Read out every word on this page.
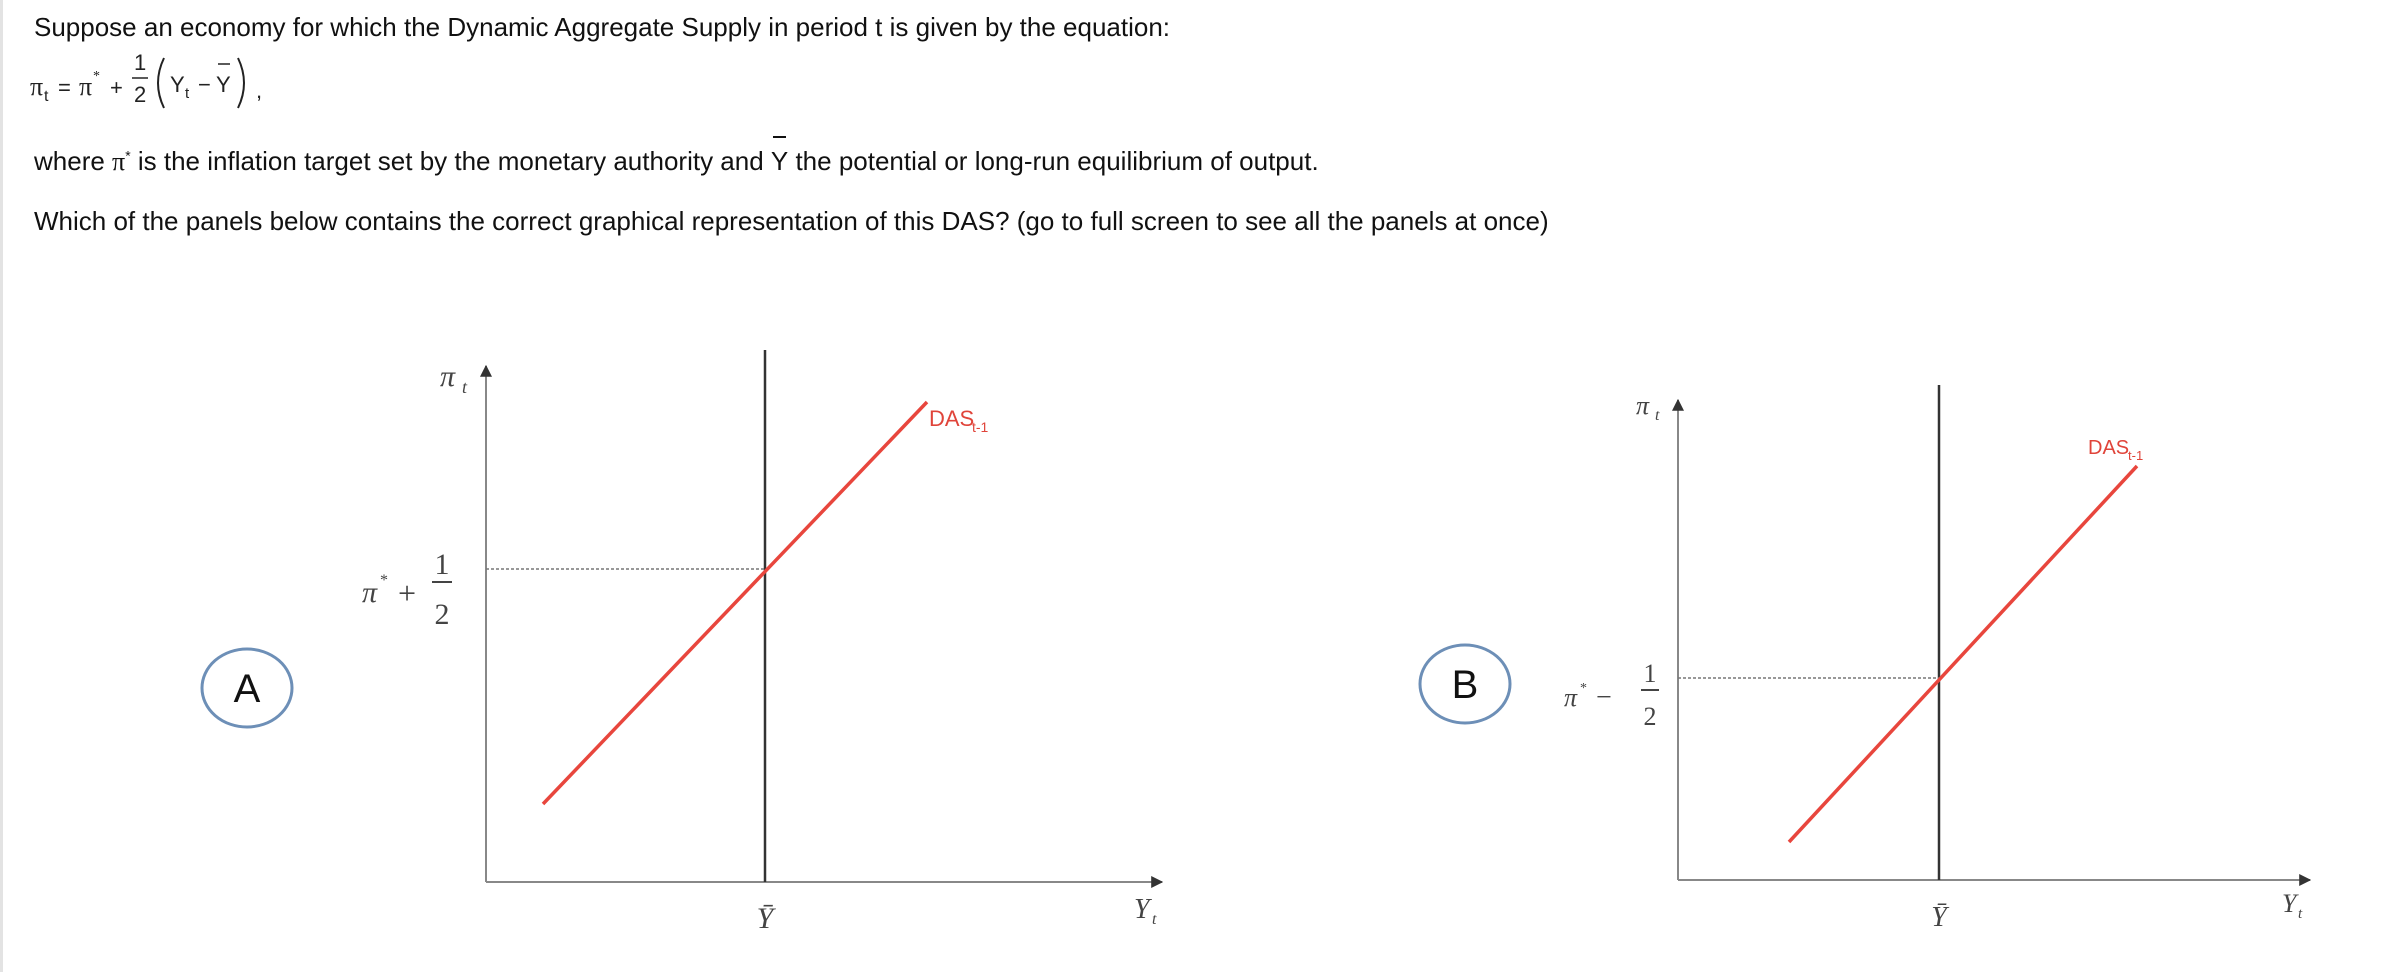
Suppose an economy for which the Dynamic Aggregate Supply in period t is given by the equation:
π t = π * +
1
2 Y t − Y ,
where π* is the inflation target set by the monetary authority and
Y the potential or long-run equilibrium of output.
Which of the panels below contains the correct graphical representation of this DAS? (go to full screen to see all the panels at once)
A
π t
π * +
1
2
Ȳ	Y t
DAS
t-1
B
π t
π * −
1
2
Ȳ	Y t
DAS
t-1
